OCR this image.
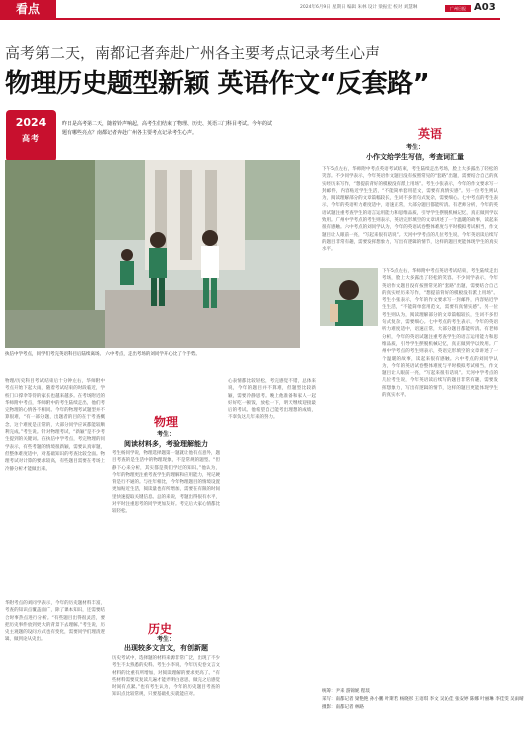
看点	2024年6月9日 星期日 编辑 朱林 设计 梁振宏 校对 刘慧琳	广州日报 A03
高考第二天，南都记者奔赴广州各主要考点记录考生心声
物理历史题型新颖 英语作文“反套路”
2024
高考
昨日是高考第二天，随着铃声响起，高考生们结束了物理、历史、英语三门科目考试。今年的试题有哪些亮点？南都记者奔赴广州各主要考点记录考生心声。
执信中学考点，同学们考完英语科目后陆续离场。 六中考点，走出考场的刘同学开心比了个手势。
物理/历史科目考试结束后十分钟左右，华师附中考点开始下起大雨，随着考试结束的时段临近，学校门口撑伞等待的家长也越来越多。在考场附近的华师附中考点，华师附中的考生陆续走出，他们考完物理的心情各不相同。今年的物理考试题型并不算很难，“有一部分题，出题者的目的在于考查概念，这个难度是正常的，大部分同学应该都能较顺利完成。”考生说。针对物理考试，“新颖”是不少考生提到的关键词。在执信中学考点，考完物理的同学表示，有些考题的情境很新颖，需要认真审题，但整体难度适中，对基础知识的考查比较全面。物理考试对计算的要求较高，有些题目需要在考场上冷静分析才能做出来。
华附考点的刘同学表示，今年的历史题材料丰富，考查的知识点覆盖面广，除了课本知识，还需要结合时事热点进行分析。“有些题目出得很灵活，要把历史事件放到更大的背景下去理解。”考生说，历史主观题的设问方式也有变化，需要同学们理清逻辑，做到论从史出。
物理
考生：
阅读材料多，考验理解能力
考生杨同学说，物理选择题第一题就让他有点意外，题目考查的是生活中的物理现象，不是常规的题型。“但静下心来分析，其实都是我们学过的知识。”他认为，今年的物理更注重考查学生的理解和应用能力，死记硬背是行不通的。与往年相比，今年物理题目的情境设置更加贴近生活，阅读量也有所增加，需要在有限的时间里快速提取关键信息。总的来说，考题出得很有水平，对平时注重思考的同学更加友好。考完后大家心情都比较轻松。
历史
考生：
出现较多文言文，有创新题
历史考试中，选择题的材料来源非常广泛，出现了不少考生不太熟悉的史料。考生小李说，今年历史卷文言文材料的比重有所增加，对阅读理解的要求更高了。“有些材料需要反复读几遍才能弄明白意思，做完之后感觉时间有点紧。”也有考生认为，今年的历史题目考查的知识点比较常规，只要基础扎实就能应对。
心表情都比较轻松，考完感觉不错，总体来说，今年的题目并不算难，但题型比较新颖，需要冷静思考。晚上他准备和家人一起好好吃一顿饭，放松一下，明天继续迎接最后的考试。他希望自己能考出理想的成绩，不辜负这几年来的努力。
英语
考生：
小作文给学生写信，考查词汇量
下午5点左右，华师附中考点英语考试结束，考生陆续走出考场，脸上大多露出了轻松的笑容。不少同学表示，今年英语作文题目没有按照常见的“套路”出题，需要结合自己的真实经历来写作，“想提前背好的模板没有派上用场”。考生小张表示，今年的作文要求写一封邮件，内容贴近学生生活，“不能简单套用范文，需要有真情实感”。另一位考生则认为，阅读理解部分的文章篇幅较长，生词不多但句式复杂，需要细心。七中考点的考生表示，今年的英语听力难度适中，语速正常，大部分题目都能听清。有老师分析，今年的英语试题注重考查学生的语言运用能力和思维品质，引导学生摆脱机械记忆，真正做到学以致用。广州中学考点的考生则表示，英语完形填空的文章讲述了一个温暖的故事，读起来很有感触。六中考点的刘同学认为，今年的英语试卷整体难度与平时模拟考试相当，作文题目让人眼前一亮，“写起来很有话说”。天河中学考点的几位考生说，今年英语读后续写的题目非常有趣，需要发挥想象力，写出有逻辑的情节，这样的题目更能体现学生的真实水平。
下午5点左右，华师附中考点英语考试结束，考生陆续走出考场，脸上大多露出了轻松的笑容。不少同学表示，今年英语作文题目没有按照常见的“套路”出题，需要结合自己的真实经历来写作，“想提前背好的模板没有派上用场”。考生小张表示，今年的作文要求写一封邮件，内容贴近学生生活，“不能简单套用范文，需要有真情实感”。另一位考生则认为，阅读理解部分的文章篇幅较长，生词不多但句式复杂，需要细心。七中考点的考生表示，今年的英语听力难度适中，语速正常，大部分题目都能听清。有老师分析，今年的英语试题注重考查学生的语言运用能力和思维品质，引导学生摆脱机械记忆，真正做到学以致用。广州中学考点的考生则表示，英语完形填空的文章讲述了一个温暖的故事，读起来很有感触。六中考点的刘同学认为，今年的英语试卷整体难度与平时模拟考试相当，作文题目让人眼前一亮，“写起来很有话说”。天河中学考点的几位考生说，今年英语读后续写的题目非常有趣，需要发挥想象力，写出有逻辑的情节，这样的题目更能体现学生的真实水平。
统筹：尹来 游锦妮 程琰
采写：南都记者 梁艳艳 孙小鹏 叶斯若 杨晓彤 王语琪 李文 吴沁佳 张安婷 陈娜 叶丽琳 李佳雯 吴雨晴
摄影：南都记者 林路
